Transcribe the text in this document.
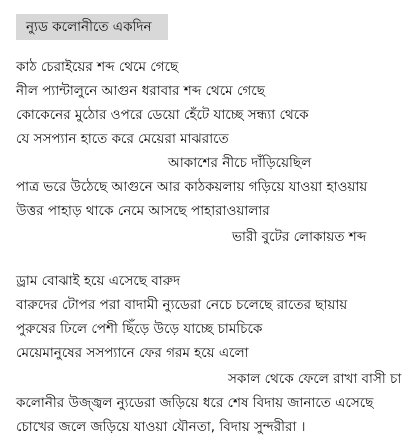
ন্যুড কলোনীতে একদিন
কাঠ চেরাইয়ের শব্দ থেমে গেছে
নীল প্যান্টালুনে আগুন ধরাবার শব্দ থেমে গেছে
কোকেনের মুঠোর ওপরে ডেয়ো হেঁটে যাচ্ছে সন্ধ্যা থেকে
যে সসপ্যান হাতে করে মেয়েরা মাঝরাতে
আকাশের নীচে দাঁড়িয়েছিল
পাত্র ভরে উঠেছে আগুনে আর কাঠকয়লায় গড়িয়ে যাওয়া হাওয়ায়
উত্তর পাহাড় থাকে নেমে আসছে পাহারাওয়ালার
ভারী বুটের লোকায়ত শব্দ
ড্রাম বোঝাই হয়ে এসেছে বারুদ
বারুদের টোপর পরা বাদামী ন্যুডেরা নেচে চলেছে রাতের ছায়ায়
পুরুষের ঢিলে পেশী ছিঁড়ে উড়ে যাচ্ছে চামচিকে
মেয়েমানুষের সসপ্যানে ফের গরম হয়ে এলো
সকাল থেকে ফেলে রাখা বাসী চা
কলোনীর উজ্জ্বল ন্যুডেরা জড়িয়ে ধরে শেষ বিদায় জানাতে এসেছে
চোখের জলে জড়িয়ে যাওয়া যৌনতা, বিদায় সুন্দরীরা ।
